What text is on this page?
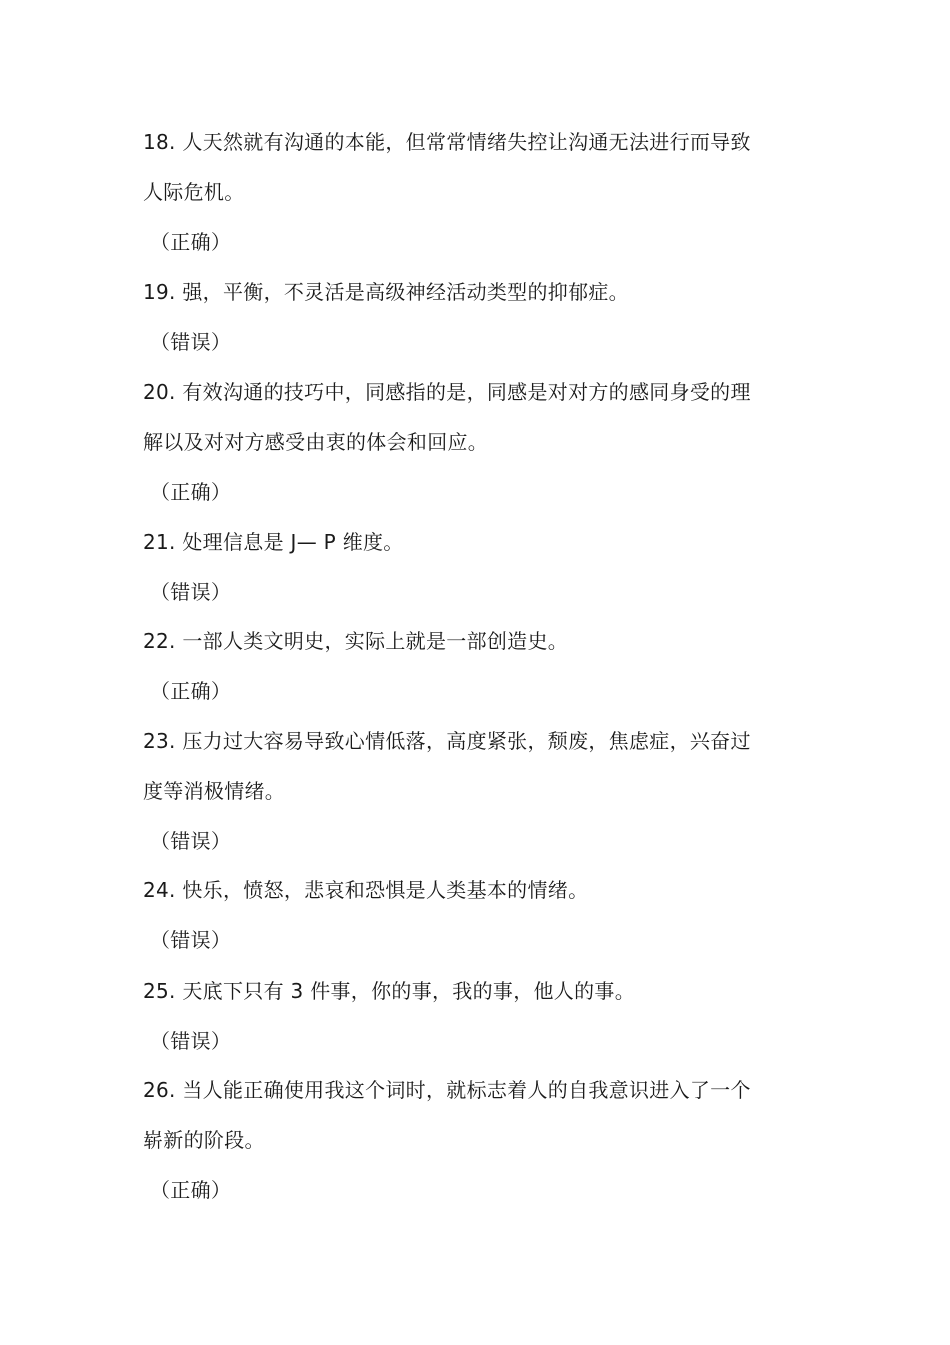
18. 人天然就有沟通的本能，但常常情绪失控让沟通无法进行而导致
人际危机。
（正确）
19. 强，平衡，不灵活是高级神经活动类型的抑郁症。
（错误）
20. 有效沟通的技巧中，同感指的是，同感是对对方的感同身受的理
解以及对对方感受由衷的体会和回应。
（正确）
21. 处理信息是 J— P 维度。
（错误）
22. 一部人类文明史，实际上就是一部创造史。
（正确）
23. 压力过大容易导致心情低落，高度紧张，颓废，焦虑症，兴奋过
度等消极情绪。
（错误）
24. 快乐，愤怒，悲哀和恐惧是人类基本的情绪。
（错误）
25. 天底下只有 3 件事，你的事，我的事，他人的事。
（错误）
26. 当人能正确使用我这个词时，就标志着人的自我意识进入了一个
崭新的阶段。
（正确）
